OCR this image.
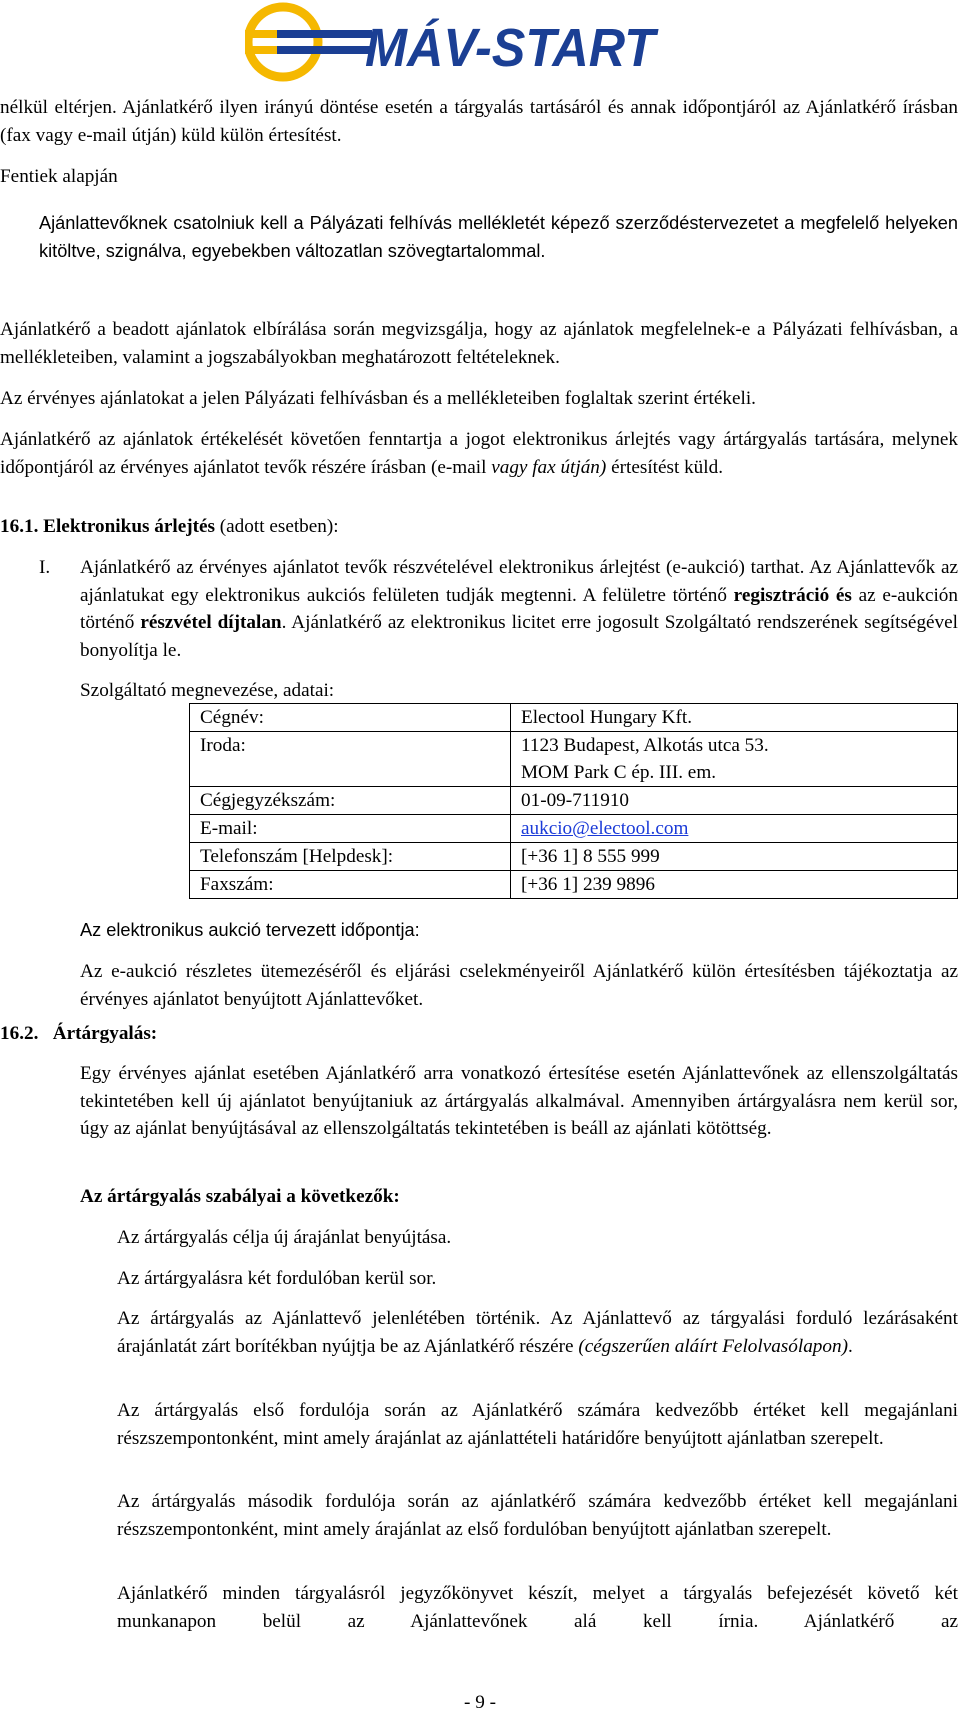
MÁV-START

nélkül eltérjen. Ajánlatkérő ilyen irányú döntése esetén a tárgyalás tartásáról és annak időpontjáról az Ajánlatkérő írásban (fax vagy e-mail útján) küld külön értesítést.

Fentiek alapján

Ajánlattevőknek csatolniuk kell a Pályázati felhívás mellékletét képező szerződéstervezetet a megfelelő helyeken kitöltve, szignálva, egyebekben változatlan szövegtartalommal.

Ajánlatkérő a beadott ajánlatok elbírálása során megvizsgálja, hogy az ajánlatok megfelelnek-e a Pályázati felhívásban, a mellékleteiben, valamint a jogszabályokban meghatározott feltételeknek.

Az érvényes ajánlatokat a jelen Pályázati felhívásban és a mellékleteiben foglaltak szerint értékeli.

Ajánlatkérő az ajánlatok értékelését követően fenntartja a jogot elektronikus árlejtés vagy ártárgyalás tartására, melynek időpontjáról az érvényes ajánlatot tevők részére írásban (e-mail vagy fax útján) értesítést küld.

16.1. Elektronikus árlejtés (adott esetben):

I.	Ajánlatkérő az érvényes ajánlatot tevők részvételével elektronikus árlejtést (e-aukció) tarthat. Az Ajánlattevők az ajánlatukat egy elektronikus aukciós felületen tudják megtenni. A felületre történő regisztráció és az e-aukción történő részvétel díjtalan. Ajánlatkérő az elektronikus licitet erre jogosult Szolgáltató rendszerének segítségével bonyolítja le.

Szolgáltató megnevezése, adatai:

Cégnév:	Electool Hungary Kft.
Iroda:	1123 Budapest, Alkotás utca 53.
MOM Park C ép. III. em.

Cégjegyzékszám:	01-09-711910
E-mail:	aukcio@electool.com
Telefonszám [Helpdesk]:	[+36 1] 8 555 999
Faxszám:	[+36 1] 239 9896

Az elektronikus aukció tervezett időpontja:

Az e-aukció részletes ütemezéséről és eljárási cselekményeiről Ajánlatkérő külön értesítésben tájékoztatja az érvényes ajánlatot benyújtott Ajánlattevőket.

16.2. Ártárgyalás:

Egy érvényes ajánlat esetében Ajánlatkérő arra vonatkozó értesítése esetén Ajánlattevőnek az ellenszolgáltatás tekintetében kell új ajánlatot benyújtaniuk az ártárgyalás alkalmával. Amennyiben ártárgyalásra nem kerül sor, úgy az ajánlat benyújtásával az ellenszolgáltatás tekintetében is beáll az ajánlati kötöttség.

Az ártárgyalás szabályai a következők:

Az ártárgyalás célja új árajánlat benyújtása.

Az ártárgyalásra két fordulóban kerül sor.

Az ártárgyalás az Ajánlattevő jelenlétében történik. Az Ajánlattevő az tárgyalási forduló lezárásaként árajánlatát zárt borítékban nyújtja be az Ajánlatkérő részére (cégszerűen aláírt Felolvasólapon).

Az ártárgyalás első fordulója során az Ajánlatkérő számára kedvezőbb értéket kell megajánlani részszempontonként, mint amely árajánlat az ajánlattételi határidőre benyújtott ajánlatban szerepelt.

Az ártárgyalás második fordulója során az ajánlatkérő számára kedvezőbb értéket kell megajánlani részszempontonként, mint amely árajánlat az első fordulóban benyújtott ajánlatban szerepelt.

Ajánlatkérő minden tárgyalásról jegyzőkönyvet készít, melyet a tárgyalás befejezését követő két munkanapon belül az Ajánlattevőnek alá kell írnia. Ajánlatkérő az

- 9 -
